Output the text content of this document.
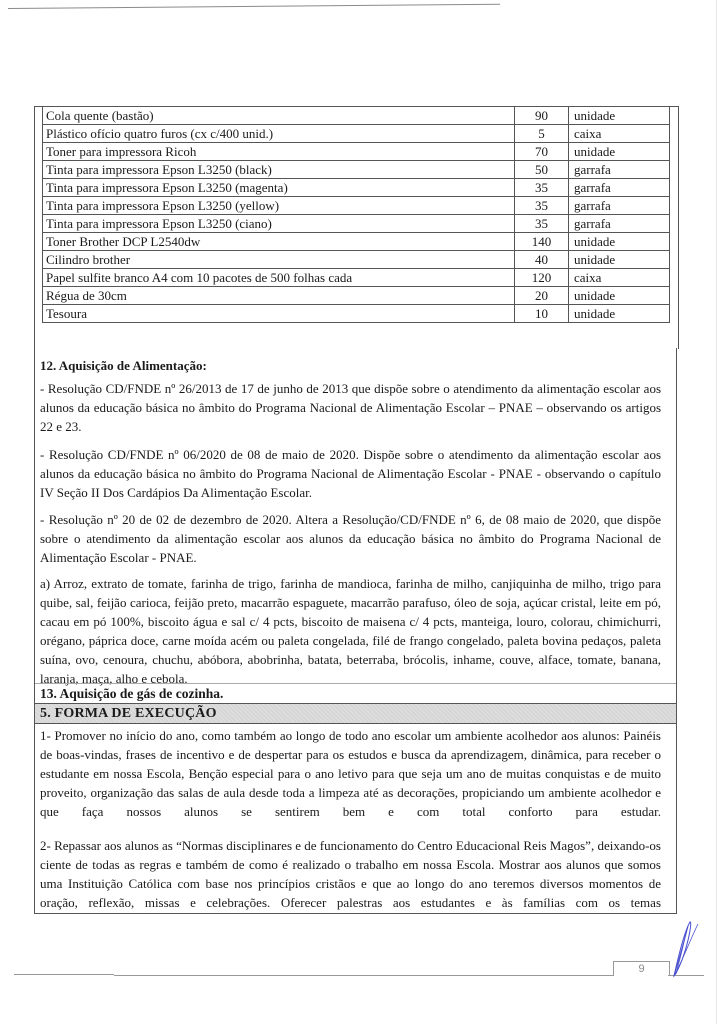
Cola quente (bastão)	90	unidade
Plástico ofício quatro furos (cx c/400 unid.)	5	caixa
Toner para impressora Ricoh	70	unidade
Tinta para impressora Epson L3250 (black)	50	garrafa
Tinta para impressora Epson L3250 (magenta)	35	garrafa
Tinta para impressora Epson L3250 (yellow)	35	garrafa
Tinta para impressora Epson L3250 (ciano)	35	garrafa
Toner Brother DCP L2540dw	140	unidade
Cilindro brother	40	unidade
Papel sulfite branco A4 com 10 pacotes de 500 folhas cada	120	caixa
Régua de 30cm	20	unidade
Tesoura	10	unidade

12. Aquisição de Alimentação:

- Resolução CD/FNDE nº 26/2013 de 17 de junho de 2013 que dispõe sobre o atendimento da alimentação escolar aos alunos da educação básica no âmbito do Programa Nacional de Alimentação Escolar – PNAE – observando os artigos 22 e 23.

- Resolução CD/FNDE nº 06/2020 de 08 de maio de 2020. Dispõe sobre o atendimento da alimentação escolar aos alunos da educação básica no âmbito do Programa Nacional de Alimentação Escolar - PNAE - observando o capítulo IV Seção II Dos Cardápios Da Alimentação Escolar.

- Resolução nº 20 de 02 de dezembro de 2020. Altera a Resolução/CD/FNDE nº 6, de 08 maio de 2020, que dispõe sobre o atendimento da alimentação escolar aos alunos da educação básica no âmbito do Programa Nacional de Alimentação Escolar - PNAE.

a) Arroz, extrato de tomate, farinha de trigo, farinha de mandioca, farinha de milho, canjiquinha de milho, trigo para quibe, sal, feijão carioca, feijão preto, macarrão espaguete, macarrão parafuso, óleo de soja, açúcar cristal, leite em pó, cacau em pó 100%, biscoito água e sal c/ 4 pcts, biscoito de maisena c/ 4 pcts, manteiga, louro, colorau, chimichurri, orégano, páprica doce, carne moída acém ou paleta congelada, filé de frango congelado, paleta bovina pedaços, paleta suína, ovo, cenoura, chuchu, abóbora, abobrinha, batata, beterraba, brócolis, inhame, couve, alface, tomate, banana, laranja, maça, alho e cebola.

13. Aquisição de gás de cozinha.
5. FORMA DE EXECUÇÃO

1- Promover no início do ano, como também ao longo de todo ano escolar um ambiente acolhedor aos alunos: Painéis de boas-vindas, frases de incentivo e de despertar para os estudos e busca da aprendizagem, dinâmica, para receber o estudante em nossa Escola, Benção especial para o ano letivo para que seja um ano de muitas conquistas e de muito proveito, organização das salas de aula desde toda a limpeza até as decorações, propiciando um ambiente acolhedor e que faça nossos alunos se sentirem bem e com total conforto para estudar.

2- Repassar aos alunos as “Normas disciplinares e de funcionamento do Centro Educacional Reis Magos”, deixando-os ciente de todas as regras e também de como é realizado o trabalho em nossa Escola. Mostrar aos alunos que somos uma Instituição Católica com base nos princípios cristãos e que ao longo do ano teremos diversos momentos de oração, reflexão, missas e celebrações. Oferecer palestras aos estudantes e às famílias com os temas

9
